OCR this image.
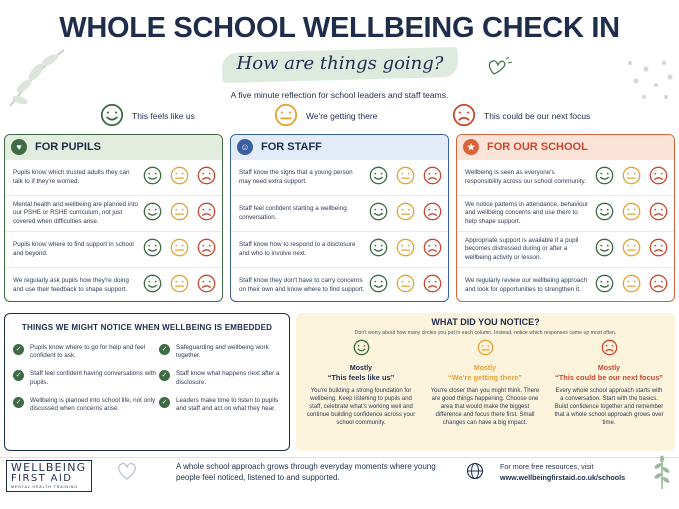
WHOLE SCHOOL WELLBEING CHECK IN
How are things going?
A five minute reflection for school leaders and staff teams.
This feels like us	We're getting there	This could be our next focus
♥	FOR PUPILS
Pupils know which trusted adults they can talk to if they're worried.
Mental health and wellbeing are planned into our PSHE or RSHE curriculum, not just covered when difficulties arise.
Pupils know where to find support in school and beyond.
We regularly ask pupils how they're doing and use their feedback to shape support.
☺	FOR STAFF
Staff know the signs that a young person may need extra support.
Staff feel confident starting a wellbeing conversation.
Staff know how to respond to a disclosure and who to involve next.
Staff know they don't have to carry concerns on their own and know where to find support.
★	FOR OUR SCHOOL
Wellbeing is seen as everyone's responsibility across our school community.
We notice patterns in attendance, behaviour and wellbeing concerns and use them to help shape support.
Appropriate support is available if a pupil becomes distressed during or after a wellbeing activity or lesson.
We regularly review our wellbeing approach and look for opportunities to strengthen it.
THINGS WE MIGHT NOTICE WHEN WELLBEING IS EMBEDDED
✓	Pupils know where to go for help and feel confident to ask.
✓	Safeguarding and wellbeing work together.
✓	Staff feel confident having conversations with pupils.
✓	Staff know what happens next after a disclosure.
✓	Wellbeing is planned into school life, not only discussed when concerns arise.
✓	Leaders make time to listen to pupils and staff and act on what they hear.
WHAT DID YOU NOTICE?
Don't worry about how many circles you put in each column. Instead, notice which responses came up most often.
Mostly
“This feels like us”
You're building a strong foundation for wellbeing. Keep listening to pupils and staff, celebrate what's working well and continue building confidence across your school community.
Mostly
“We're getting there”
You're closer than you might think. There are good things happening. Choose one area that would make the biggest difference and focus there first. Small changes can have a big impact.
Mostly
“This could be our next focus”
Every whole school approach starts with a conversation. Start with the basics. Build confidence together and remember that a whole school approach grows over time.
WELLBEING
FIRST AID
MENTAL HEALTH TRAINING
A whole school approach grows through everyday moments where young people feel noticed, listened to and supported.
For more free resources, visit
www.wellbeingfirstaid.co.uk/schools
